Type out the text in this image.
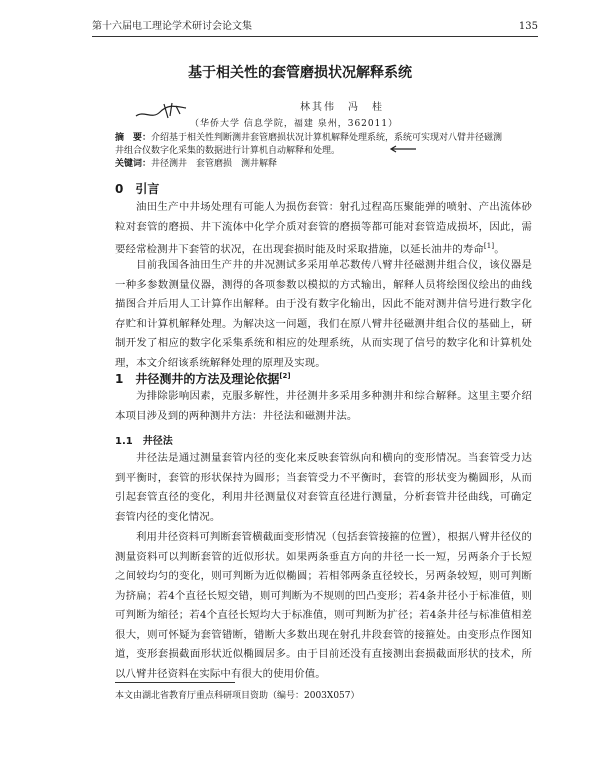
第十六届电工理论学术研讨会论文集	135
基于相关性的套管磨损状况解释系统
林其伟　冯　桂
（华侨大学 信息学院，福建 泉州，362011）
摘　要：介绍基于相关性判断测井套管磨损状况计算机解释处理系统，系统可实现对八臂井径磁测井组合仪数字化采集的数据进行计算机自动解释和处理。
关键词：井径测井　套管磨损　测井解释
0　引言
油田生产中井场处理有可能人为损伤套管：射孔过程高压聚能弹的喷射、产出流体砂粒对套管的磨损、井下流体中化学介质对套管的磨损等都可能对套管造成损坏，因此，需要经常检测井下套管的状况，在出现套损时能及时采取措施，以延长油井的寿命[1]。
目前我国各油田生产井的井况测试多采用单芯数传八臂井径磁测井组合仪，该仪器是一种多参数测量仪器，测得的各项参数以模拟的方式输出，解释人员将绘图仪绘出的曲线描图合并后用人工计算作出解释。由于没有数字化输出，因此不能对测井信号进行数字化存贮和计算机解释处理。为解决这一问题，我们在原八臂井径磁测井组合仪的基础上，研制开发了相应的数字化采集系统和相应的处理系统，从而实现了信号的数字化和计算机处理，本文介绍该系统解释处理的原理及实现。
1　井径测井的方法及理论依据[2]
为排除影响因素，克服多解性，井径测井多采用多种测井和综合解释。这里主要介绍本项目涉及到的两种测井方法：井径法和磁测井法。
1.1　井径法
井径法是通过测量套管内径的变化来反映套管纵向和横向的变形情况。当套管受力达到平衡时，套管的形状保持为圆形；当套管受力不平衡时，套管的形状变为椭圆形，从而引起套管直径的变化，利用井径测量仪对套管直径进行测量，分析套管井径曲线，可确定套管内径的变化情况。
利用井径资料可判断套管横截面变形情况（包括套管接箍的位置），根据八臂井径仪的测量资料可以判断套管的近似形状。如果两条垂直方向的井径一长一短，另两条介于长短之间较均匀的变化，则可判断为近似椭圆；若相邻两条直径较长，另两条较短，则可判断为挤扁；若4个直径长短交错，则可判断为不规则的凹凸变形；若4条井径小于标准值，则可判断为缩径；若4个直径长短均大于标准值，则可判断为扩径；若4条井径与标准值相差很大，则可怀疑为套管错断，错断大多数出现在射孔井段套管的接箍处。由变形点作图知道，变形套损截面形状近似椭圆居多。由于目前还没有直接测出套损截面形状的技术，所以八臂井径资料在实际中有很大的使用价值。
本文由湖北省教育厅重点科研项目资助（编号：2003X057）
